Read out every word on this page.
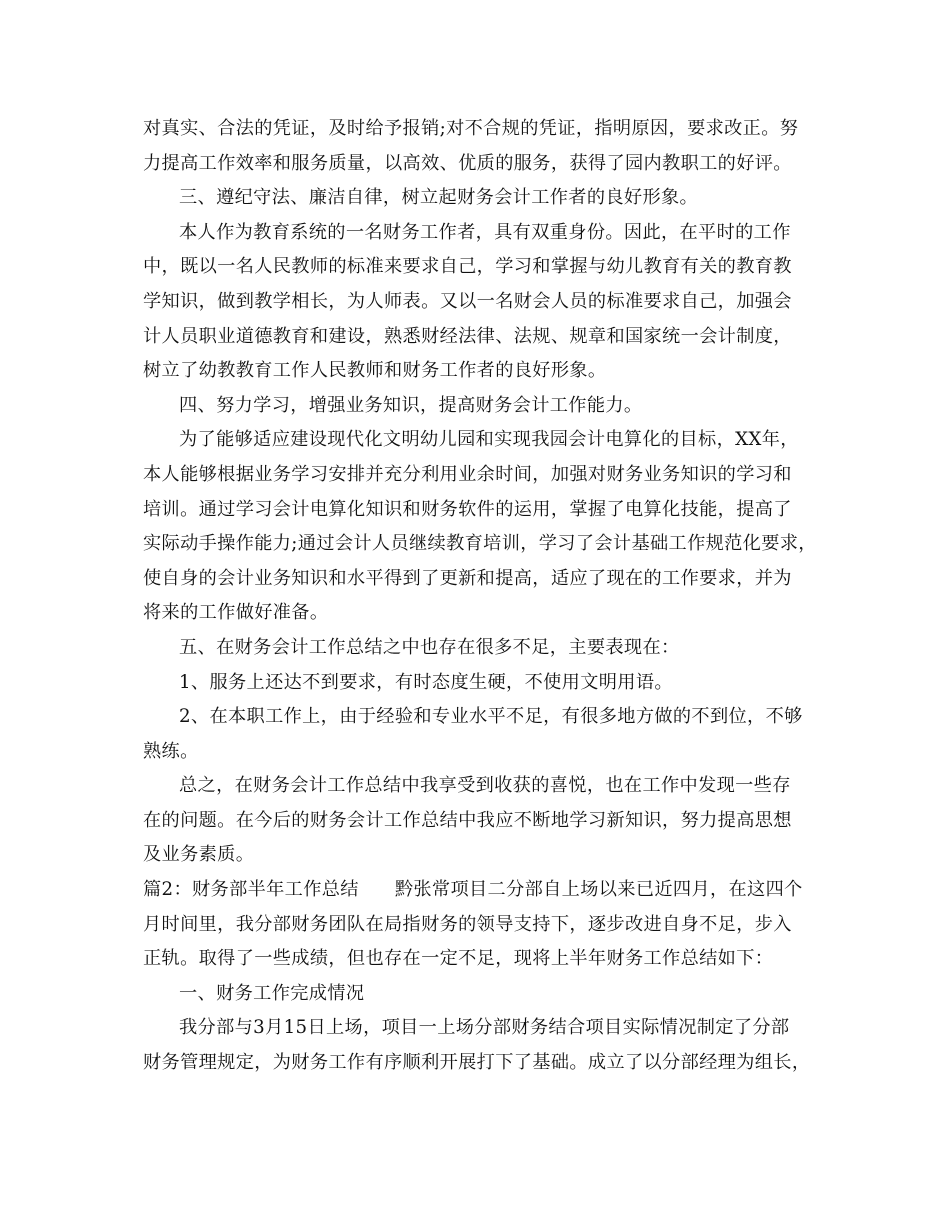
对真实、合法的凭证，及时给予报销;对不合规的凭证，指明原因，要求改正。努

力提高工作效率和服务质量，以高效、优质的服务，获得了园内教职工的好评。

三、遵纪守法、廉洁自律，树立起财务会计工作者的良好形象。

本人作为教育系统的一名财务工作者，具有双重身份。因此，在平时的工作

中，既以一名人民教师的标准来要求自己，学习和掌握与幼儿教育有关的教育教

学知识，做到教学相长，为人师表。又以一名财会人员的标准要求自己，加强会

计人员职业道德教育和建设，熟悉财经法律、法规、规章和国家统一会计制度，

树立了幼教教育工作人民教师和财务工作者的良好形象。

四、努力学习，增强业务知识，提高财务会计工作能力。

为了能够适应建设现代化文明幼儿园和实现我园会计电算化的目标，XX年，

本人能够根据业务学习安排并充分利用业余时间，加强对财务业务知识的学习和

培训。通过学习会计电算化知识和财务软件的运用，掌握了电算化技能，提高了

实际动手操作能力;通过会计人员继续教育培训，学习了会计基础工作规范化要求，

使自身的会计业务知识和水平得到了更新和提高，适应了现在的工作要求，并为

将来的工作做好准备。

五、在财务会计工作总结之中也存在很多不足，主要表现在：

1、服务上还达不到要求，有时态度生硬，不使用文明用语。

2、在本职工作上，由于经验和专业水平不足，有很多地方做的不到位，不够

熟练。

总之，在财务会计工作总结中我享受到收获的喜悦，也在工作中发现一些存

在的问题。在今后的财务会计工作总结中我应不断地学习新知识，努力提高思想

及业务素质。

篇2：财务部半年工作总结 黔张常项目二分部自上场以来已近四月，在这四个

月时间里，我分部财务团队在局指财务的领导支持下，逐步改进自身不足，步入

正轨。取得了一些成绩，但也存在一定不足，现将上半年财务工作总结如下：

一、财务工作完成情况

我分部与3月15日上场，项目一上场分部财务结合项目实际情况制定了分部

财务管理规定，为财务工作有序顺利开展打下了基础。成立了以分部经理为组长，
